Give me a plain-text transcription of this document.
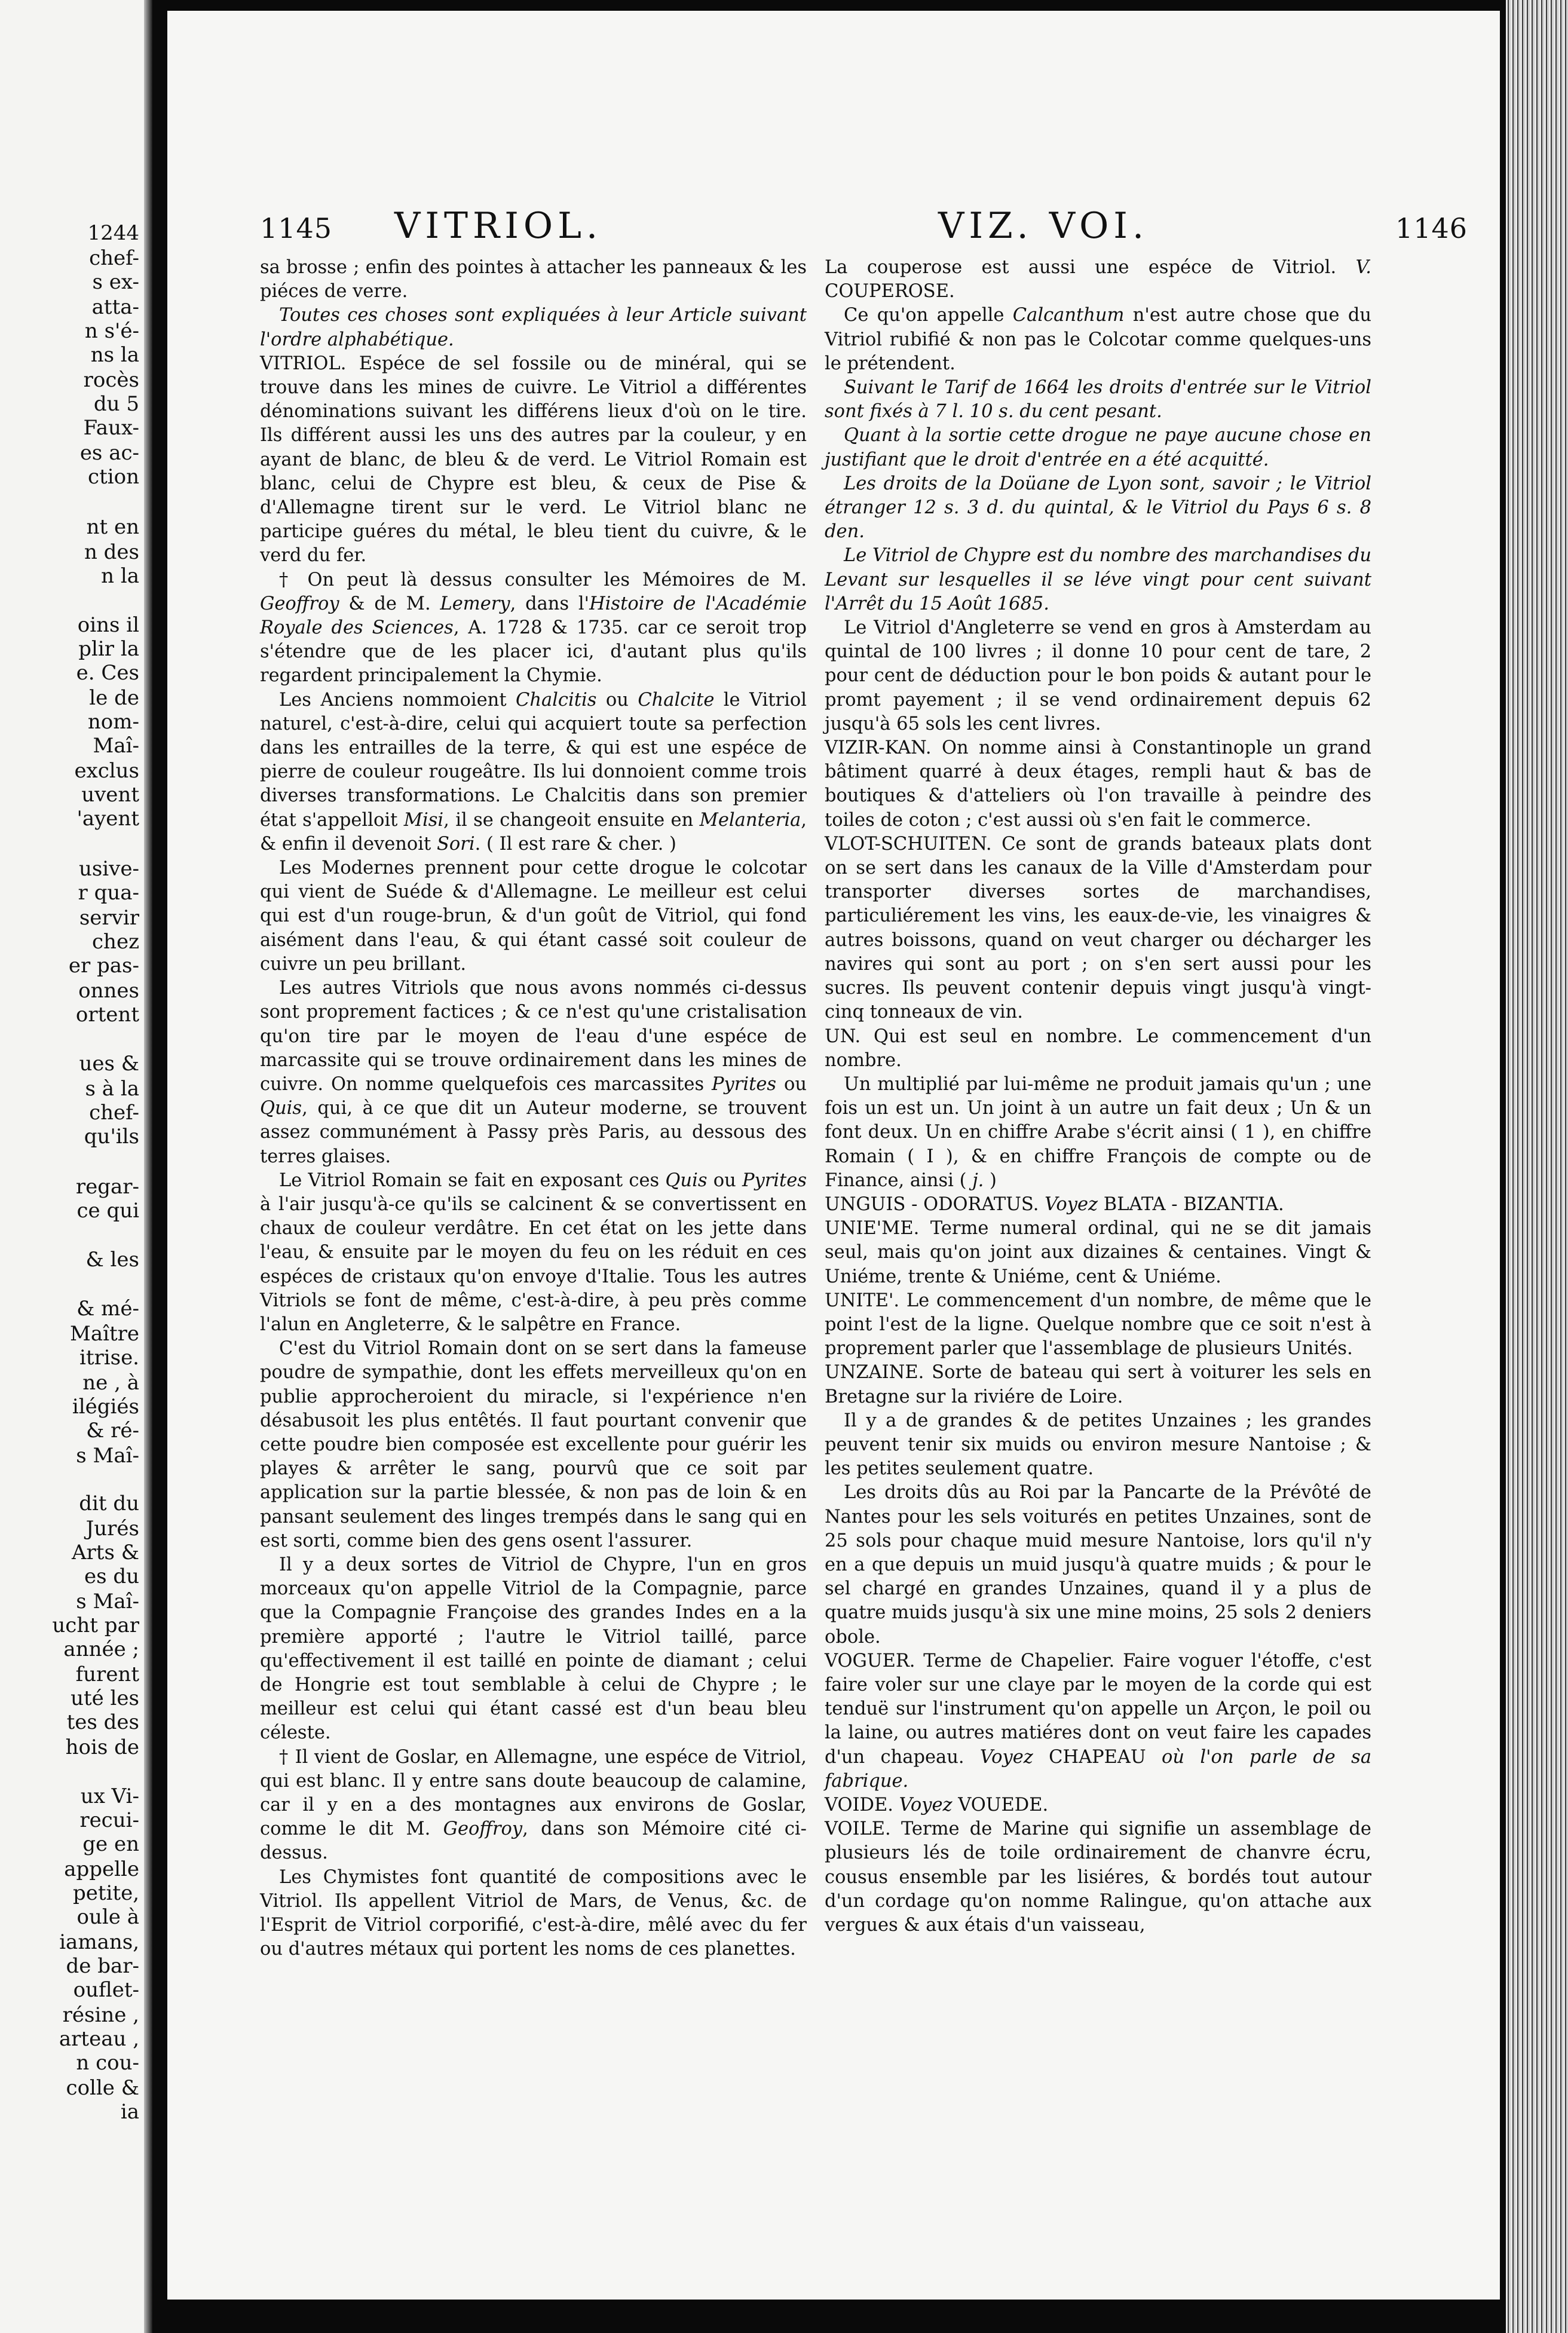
1244
chef-
s ex-
atta-
n s'é-
ns la
rocès
du 5
Faux-
es ac-
ction
nt en
n des
n la
oins il
plir la
e. Ces
le de
nom-
Maî-
exclus
uvent
'ayent
usive-
r qua-
servir
chez
er pas-
onnes
ortent
ues &
s à la
chef-
qu'ils
regar-
ce qui
& les
& mé-
Maître
itrise.
ne , à
ilégiés
& ré-
s Maî-
dit du
Jurés
Arts &
es du
s Maî-
ucht par
année ;
furent
uté les
tes des
hois de
ux Vi-
recui-
ge en
appelle
petite,
oule à
iamans,
de bar-
ouflet-
résine ,
arteau ,
n cou-
colle &
ia
1145 VITRIOL.	VIZ. VOI.	1146

sa brosse ; enfin des pointes à attacher les panneaux & les piéces de verre.

Toutes ces choses sont expliquées à leur Article suivant l'ordre alphabétique.

VITRIOL. Espéce de sel fossile ou de minéral, qui se trouve dans les mines de cuivre. Le Vitriol a différentes dénominations suivant les différens lieux d'où on le tire. Ils différent aussi les uns des autres par la couleur, y en ayant de blanc, de bleu & de verd. Le Vitriol Romain est blanc, celui de Chypre est bleu, & ceux de Pise & d'Allemagne tirent sur le verd. Le Vitriol blanc ne participe guéres du métal, le bleu tient du cuivre, & le verd du fer.

† On peut là dessus consulter les Mémoires de M. Geoffroy & de M. Lemery, dans l'Histoire de l'Académie Royale des Sciences, A. 1728 & 1735. car ce seroit trop s'étendre que de les placer ici, d'autant plus qu'ils regardent principalement la Chymie.

Les Anciens nommoient Chalcitis ou Chalcite le Vitriol naturel, c'est-à-dire, celui qui acquiert toute sa perfection dans les entrailles de la terre, & qui est une espéce de pierre de couleur rougeâtre. Ils lui donnoient comme trois diverses transformations. Le Chalcitis dans son premier état s'appelloit Misi, il se changeoit ensuite en Melanteria, & enfin il devenoit Sori. ( Il est rare & cher. )

Les Modernes prennent pour cette drogue le colcotar qui vient de Suéde & d'Allemagne. Le meilleur est celui qui est d'un rouge-brun, & d'un goût de Vitriol, qui fond aisément dans l'eau, & qui étant cassé soit couleur de cuivre un peu brillant.

Les autres Vitriols que nous avons nommés ci-dessus sont proprement factices ; & ce n'est qu'une cristalisation qu'on tire par le moyen de l'eau d'une espéce de marcassite qui se trouve ordinairement dans les mines de cuivre. On nomme quelquefois ces marcassites Pyrites ou Quis, qui, à ce que dit un Auteur moderne, se trouvent assez communément à Passy près Paris, au dessous des terres glaises.

Le Vitriol Romain se fait en exposant ces Quis ou Pyrites à l'air jusqu'à-ce qu'ils se calcinent & se convertissent en chaux de couleur verdâtre. En cet état on les jette dans l'eau, & ensuite par le moyen du feu on les réduit en ces espéces de cristaux qu'on envoye d'Italie. Tous les autres Vitriols se font de même, c'est-à-dire, à peu près comme l'alun en Angleterre, & le salpêtre en France.

C'est du Vitriol Romain dont on se sert dans la fameuse poudre de sympathie, dont les effets merveilleux qu'on en publie approcheroient du miracle, si l'expérience n'en désabusoit les plus entêtés. Il faut pourtant convenir que cette poudre bien composée est excellente pour guérir les playes & arrêter le sang, pourvû que ce soit par application sur la partie blessée, & non pas de loin & en pansant seulement des linges trempés dans le sang qui en est sorti, comme bien des gens osent l'assurer.

Il y a deux sortes de Vitriol de Chypre, l'un en gros morceaux qu'on appelle Vitriol de la Compagnie, parce que la Compagnie Françoise des grandes Indes en a la première apporté ; l'autre le Vitriol taillé, parce qu'effectivement il est taillé en pointe de diamant ; celui de Hongrie est tout semblable à celui de Chypre ; le meilleur est celui qui étant cassé est d'un beau bleu céleste.

† Il vient de Goslar, en Allemagne, une espéce de Vitriol, qui est blanc. Il y entre sans doute beaucoup de calamine, car il y en a des montagnes aux environs de Goslar, comme le dit M. Geoffroy, dans son Mémoire cité ci-dessus.

Les Chymistes font quantité de compositions avec le Vitriol. Ils appellent Vitriol de Mars, de Venus, &c. de l'Esprit de Vitriol corporifié, c'est-à-dire, mêlé avec du fer ou d'autres métaux qui portent les noms de ces planettes.

La couperose est aussi une espéce de Vitriol. V. COUPEROSE.

Ce qu'on appelle Calcanthum n'est autre chose que du Vitriol rubifié & non pas le Colcotar comme quelques-uns le prétendent.

Suivant le Tarif de 1664 les droits d'entrée sur le Vitriol sont fixés à 7 l. 10 s. du cent pesant.

Quant à la sortie cette drogue ne paye aucune chose en justifiant que le droit d'entrée en a été acquitté.

Les droits de la Doüane de Lyon sont, savoir ; le Vitriol étranger 12 s. 3 d. du quintal, & le Vitriol du Pays 6 s. 8 den.

Le Vitriol de Chypre est du nombre des marchandises du Levant sur lesquelles il se léve vingt pour cent suivant l'Arrêt du 15 Août 1685.

Le Vitriol d'Angleterre se vend en gros à Amsterdam au quintal de 100 livres ; il donne 10 pour cent de tare, 2 pour cent de déduction pour le bon poids & autant pour le promt payement ; il se vend ordinairement depuis 62 jusqu'à 65 sols les cent livres.

VIZIR-KAN. On nomme ainsi à Constantinople un grand bâtiment quarré à deux étages, rempli haut & bas de boutiques & d'atteliers où l'on travaille à peindre des toiles de coton ; c'est aussi où s'en fait le commerce.

VLOT-SCHUITEN. Ce sont de grands bateaux plats dont on se sert dans les canaux de la Ville d'Amsterdam pour transporter diverses sortes de marchandises, particuliérement les vins, les eaux-de-vie, les vinaigres & autres boissons, quand on veut charger ou décharger les navires qui sont au port ; on s'en sert aussi pour les sucres. Ils peuvent contenir depuis vingt jusqu'à vingt-cinq tonneaux de vin.

UN. Qui est seul en nombre. Le commencement d'un nombre.

Un multiplié par lui-même ne produit jamais qu'un ; une fois un est un. Un joint à un autre un fait deux ; Un & un font deux. Un en chiffre Arabe s'écrit ainsi ( 1 ), en chiffre Romain ( I ), & en chiffre François de compte ou de Finance, ainsi ( j. )

UNGUIS - ODORATUS. Voyez BLATA - BIZANTIA.

UNIE'ME. Terme numeral ordinal, qui ne se dit jamais seul, mais qu'on joint aux dizaines & centaines. Vingt & Uniéme, trente & Uniéme, cent & Uniéme.

UNITE'. Le commencement d'un nombre, de même que le point l'est de la ligne. Quelque nombre que ce soit n'est à proprement parler que l'assemblage de plusieurs Unités.

UNZAINE. Sorte de bateau qui sert à voiturer les sels en Bretagne sur la riviére de Loire.

Il y a de grandes & de petites Unzaines ; les grandes peuvent tenir six muids ou environ mesure Nantoise ; & les petites seulement quatre.

Les droits dûs au Roi par la Pancarte de la Prévôté de Nantes pour les sels voiturés en petites Unzaines, sont de 25 sols pour chaque muid mesure Nantoise, lors qu'il n'y en a que depuis un muid jusqu'à quatre muids ; & pour le sel chargé en grandes Unzaines, quand il y a plus de quatre muids jusqu'à six une mine moins, 25 sols 2 deniers obole.

VOGUER. Terme de Chapelier. Faire voguer l'étoffe, c'est faire voler sur une claye par le moyen de la corde qui est tenduë sur l'instrument qu'on appelle un Arçon, le poil ou la laine, ou autres matiéres dont on veut faire les capades d'un chapeau. Voyez CHAPEAU où l'on parle de sa fabrique.

VOIDE. Voyez VOUEDE.

VOILE. Terme de Marine qui signifie un assemblage de plusieurs lés de toile ordinairement de chanvre écru, cousus ensemble par les lisiéres, & bordés tout autour d'un cordage qu'on nomme Ralingue, qu'on attache aux vergues & aux étais d'un vaisseau,
